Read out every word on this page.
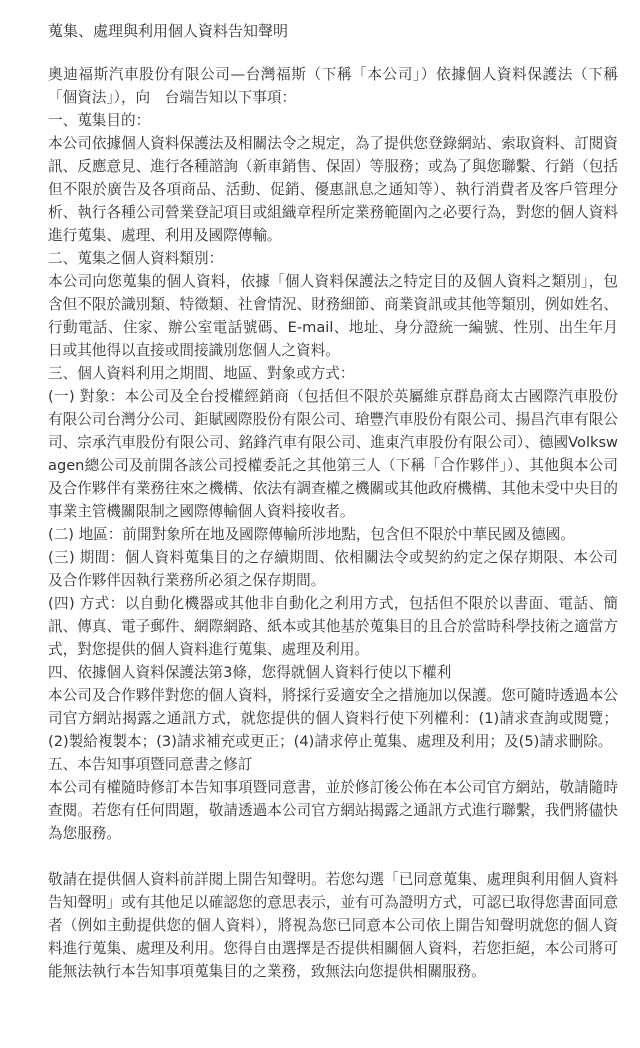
蒐集、處理與利用個人資料告知聲明

奧迪福斯汽車股份有限公司—台灣福斯（下稱「本公司」）依據個人資料保護法（下稱「個資法」），向　台端告知以下事項：

一、蒐集目的：

本公司依據個人資料保護法及相關法令之規定，為了提供您登錄網站、索取資料、訂閱資訊、反應意見、進行各種諮詢（新車銷售、保固）等服務；或為了與您聯繫、行銷（包括但不限於廣告及各項商品、活動、促銷、優惠訊息之通知等）、執行消費者及客戶管理分析、執行各種公司營業登記項目或組織章程所定業務範圍內之必要行為，對您的個人資料進行蒐集、處理、利用及國際傳輸。

二、蒐集之個人資料類別：

本公司向您蒐集的個人資料，依據「個人資料保護法之特定目的及個人資料之類別」，包含但不限於識別類、特徵類、社會情況、財務細節、商業資訊或其他等類別，例如姓名、行動電話、住家、辦公室電話號碼、E-mail、地址、身分證統一編號、性別、出生年月日或其他得以直接或間接識別您個人之資料。

三、個人資料利用之期間、地區、對象或方式：

(一) 對象：本公司及全台授權經銷商（包括但不限於英屬維京群島商太古國際汽車股份有限公司台灣分公司、鉅賦國際股份有限公司、瑲豐汽車股份有限公司、揚昌汽車有限公司、宗承汽車股份有限公司、銘鋒汽車有限公司、進東汽車股份有限公司）、德國Volkswagen總公司及前開各該公司授權委託之其他第三人（下稱「合作夥伴」）、其他與本公司及合作夥伴有業務往來之機構、依法有調查權之機關或其他政府機構、其他未受中央目的事業主管機關限制之國際傳輸個人資料接收者。

(二) 地區：前開對象所在地及國際傳輸所涉地點，包含但不限於中華民國及德國。

(三) 期間：個人資料蒐集目的之存續期間、依相關法令或契約約定之保存期限、本公司及合作夥伴因執行業務所必須之保存期間。

(四) 方式：以自動化機器或其他非自動化之利用方式，包括但不限於以書面、電話、簡訊、傳真、電子郵件、網際網路、紙本或其他基於蒐集目的且合於當時科學技術之適當方式，對您提供的個人資料進行蒐集、處理及利用。

四、依據個人資料保護法第3條，您得就個人資料行使以下權利

本公司及合作夥伴對您的個人資料，將採行妥適安全之措施加以保護。您可隨時透過本公司官方網站揭露之通訊方式，就您提供的個人資料行使下列權利：(1)請求查詢或閱覽；(2)製給複製本；(3)請求補充或更正；(4)請求停止蒐集、處理及利用；及(5)請求刪除。

五、本告知事項暨同意書之修訂

本公司有權隨時修訂本告知事項暨同意書，並於修訂後公佈在本公司官方網站，敬請隨時查閱。若您有任何問題，敬請透過本公司官方網站揭露之通訊方式進行聯繫，我們將儘快為您服務。

敬請在提供個人資料前詳閱上開告知聲明。若您勾選「已同意蒐集、處理與利用個人資料告知聲明」或有其他足以確認您的意思表示，並有可為證明方式，可認已取得您書面同意者（例如主動提供您的個人資料），將視為您已同意本公司依上開告知聲明就您的個人資料進行蒐集、處理及利用。您得自由選擇是否提供相關個人資料，若您拒絕，本公司將可能無法執行本告知事項蒐集目的之業務，致無法向您提供相關服務。
